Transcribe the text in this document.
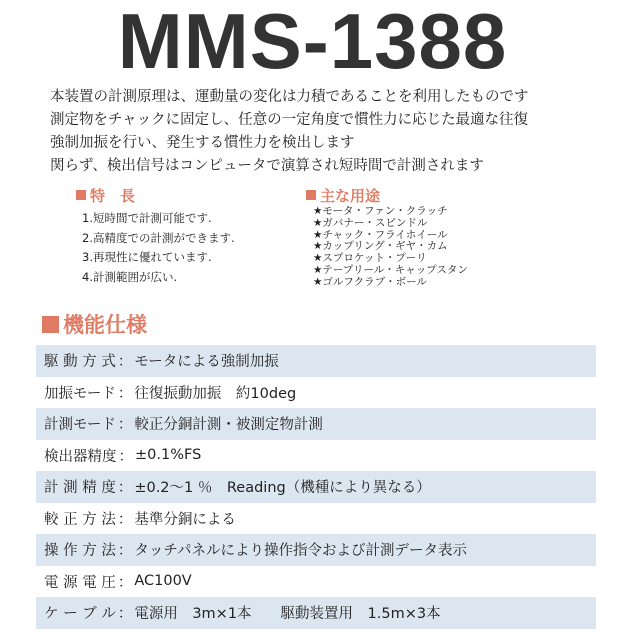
MMS-1388
本装置の計測原理は、運動量の変化は力積であることを利用したものです
測定物をチャックに固定し、任意の一定角度で慣性力に応じた最適な往復
強制加振を行い、発生する慣性力を検出します
関らず、検出信号はコンピュータで演算され短時間で計測されます
特　長
1.短時間で計測可能です.
2.高精度での計測ができます.
3.再現性に優れています.
4.計測範囲が広い.
主な用途
★モータ・ファン・クラッチ
★ガバナー・スピンドル
★チャック・フライホイール
★カップリング・ギヤ・カム
★スプロケット・プーリ
★テープリール・キャップスタン
★ゴルフクラブ・ボール
機能仕様
駆 動 方 式 ： モータによる強制加振
加振モード ： 往復振動加振　約10deg
計測モード ： 較正分銅計測・被測定物計測
検出器精度 ： ±0.1%FS
計 測 精 度 ： ±0.2〜1 ％　Reading（機種により異なる）
較 正 方 法 ： 基準分銅による
操 作 方 法 ： タッチパネルにより操作指令および計測データ表示
電 源 電 圧 ： AC100V
ケ ー ブ ル ： 電源用　3m×1本　　駆動装置用　1.5m×3本
